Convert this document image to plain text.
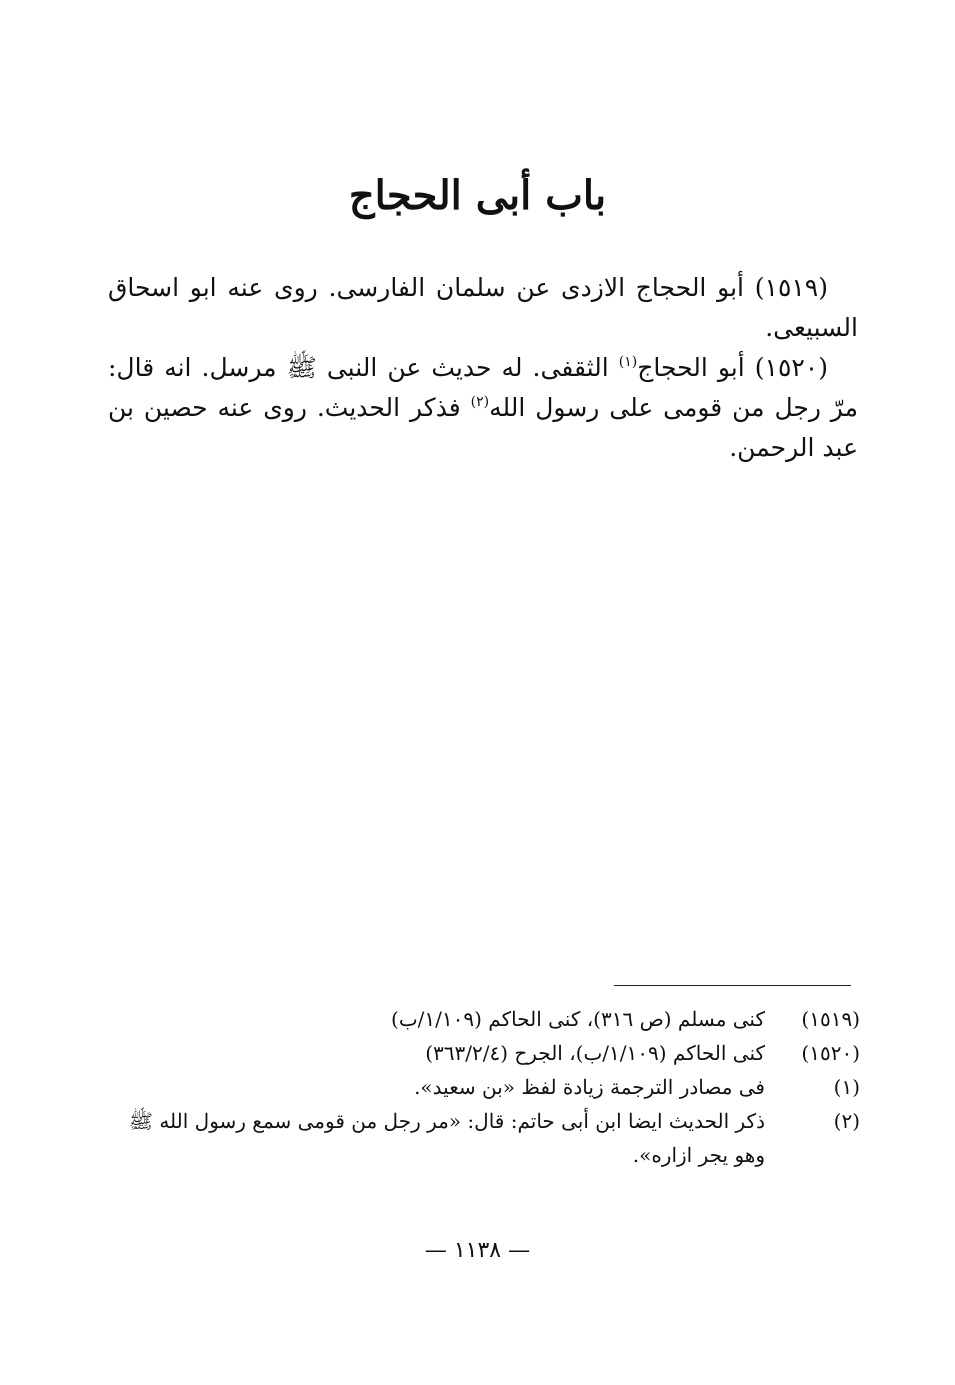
باب أبى الحجاج

(١٥١٩) أبو الحجاج الازدى عن سلمان الفارسى. روى عنه ابو اسحاق السبيعى.

(١٥٢٠) أبو الحجاج$^{(١)}$ الثقفى. له حديث عن النبى ﷺ مرسل. انه قال: مرّ رجل من قومى على رسول الله$^{(٢)}$ فذكر الحديث. روى عنه حصين بن عبد الرحمن.

(١٥١٩)
كنى مسلم (ص ٣١٦)، كنى الحاكم (١/١٠٩/ب)
(١٥٢٠)
كنى الحاكم (١/١٠٩/ب)، الجرح (٣٦٣/٢/٤)
(١)
فى مصادر الترجمة زيادة لفظ «بن سعيد».
(٢)
ذكر الحديث ايضا ابن أبى حاتم: قال: «مر رجل من قومى سمع رسول الله ﷺ وهو يجر ازاره».
— ١١٣٨ —
